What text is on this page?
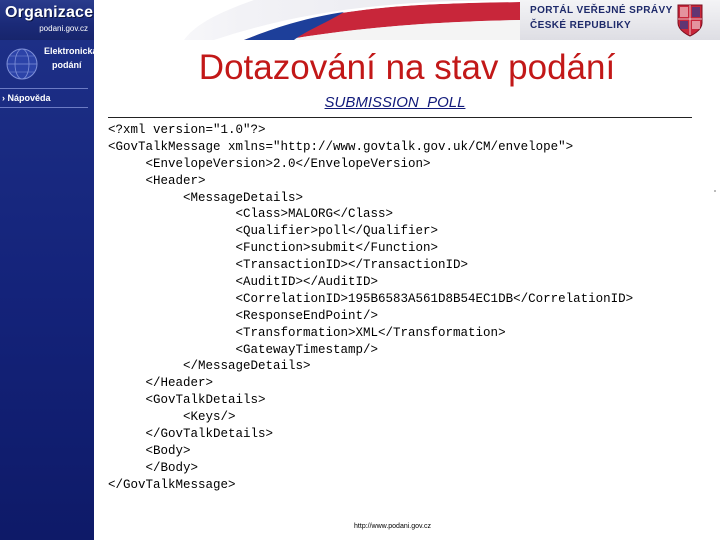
Organizace
podani.gov.cz
PORTÁL VEŘEJNÉ SPRÁVY
ČESKÉ REPUBLIKY
Elektronická
podání
› Nápověda
Dotazování na stav podání
SUBMISSION_POLL
<?xml version="1.0"?>
<GovTalkMessage xmlns="http://www.govtalk.gov.uk/CM/envelope">
<EnvelopeVersion>2.0</EnvelopeVersion>
<Header>
<MessageDetails>
<Class>MALORG</Class>
<Qualifier>poll</Qualifier>
<Function>submit</Function>
<TransactionID></TransactionID>
<AuditID></AuditID>
<CorrelationID>195B6583A561D8B54EC1DB</CorrelationID>
<ResponseEndPoint/>
<Transformation>XML</Transformation>
<GatewayTimestamp/>
</MessageDetails>
</Header>
<GovTalkDetails>
<Keys/>
</GovTalkDetails>
<Body>
</Body>
</GovTalkMessage>
http://www.podani.gov.cz
